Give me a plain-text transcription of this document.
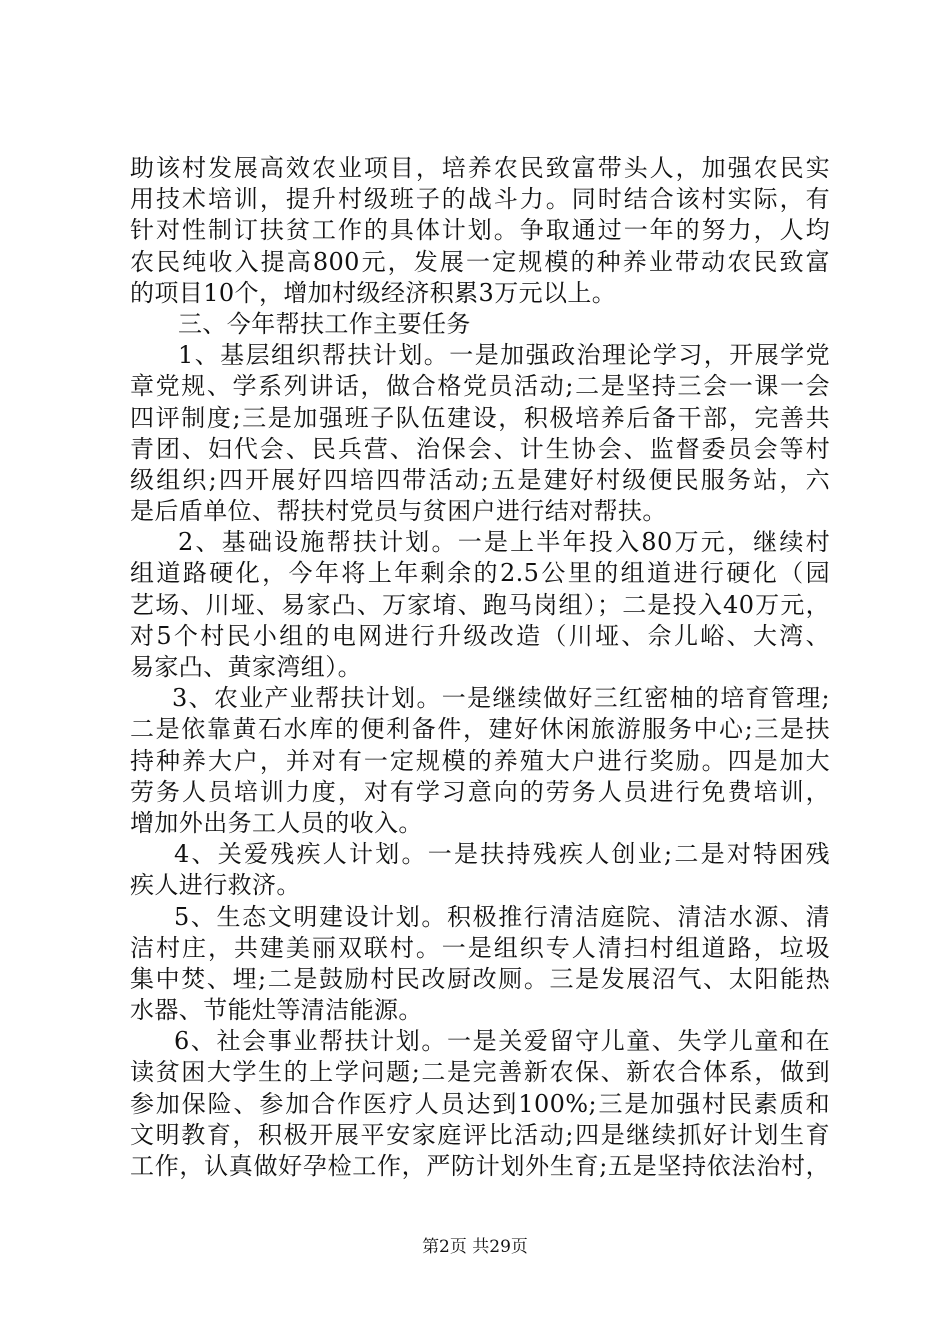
助该村发展高效农业项目，培养农民致富带头人，加强农民实
用技术培训，提升村级班子的战斗力。同时结合该村实际，有
针对性制订扶贫工作的具体计划。争取通过一年的努力，人均
农民纯收入提高800元，发展一定规模的种养业带动农民致富
的项目10个，增加村级经济积累3万元以上。
三、今年帮扶工作主要任务
1、基层组织帮扶计划。一是加强政治理论学习，开展学党
章党规、学系列讲话，做合格党员活动;二是坚持三会一课一会
四评制度;三是加强班子队伍建设，积极培养后备干部，完善共
青团、妇代会、民兵营、治保会、计生协会、监督委员会等村
级组织;四开展好四培四带活动;五是建好村级便民服务站，六
是后盾单位、帮扶村党员与贫困户进行结对帮扶。
2、基础设施帮扶计划。一是上半年投入80万元，继续村
组道路硬化，今年将上年剩余的2.5公里的组道进行硬化（园
艺场、川垭、易家凸、万家堉、跑马岗组）；二是投入40万元，
对5个村民小组的电网进行升级改造（川垭、佘儿峪、大湾、
易家凸、黄家湾组）。
3、农业产业帮扶计划。一是继续做好三红密柚的培育管理;
二是依靠黄石水库的便利备件，建好休闲旅游服务中心;三是扶
持种养大户，并对有一定规模的养殖大户进行奖励。四是加大
劳务人员培训力度，对有学习意向的劳务人员进行免费培训，
增加外出务工人员的收入。
4、关爱残疾人计划。一是扶持残疾人创业;二是对特困残
疾人进行救济。
5、生态文明建设计划。积极推行清洁庭院、清洁水源、清
洁村庄，共建美丽双联村。一是组织专人清扫村组道路，垃圾
集中焚、埋;二是鼓励村民改厨改厕。三是发展沼气、太阳能热
水器、节能灶等清洁能源。
6、社会事业帮扶计划。一是关爱留守儿童、失学儿童和在
读贫困大学生的上学问题;二是完善新农保、新农合体系，做到
参加保险、参加合作医疗人员达到100%;三是加强村民素质和
文明教育，积极开展平安家庭评比活动;四是继续抓好计划生育
工作，认真做好孕检工作，严防计划外生育;五是坚持依法治村，
第2页 共29页
